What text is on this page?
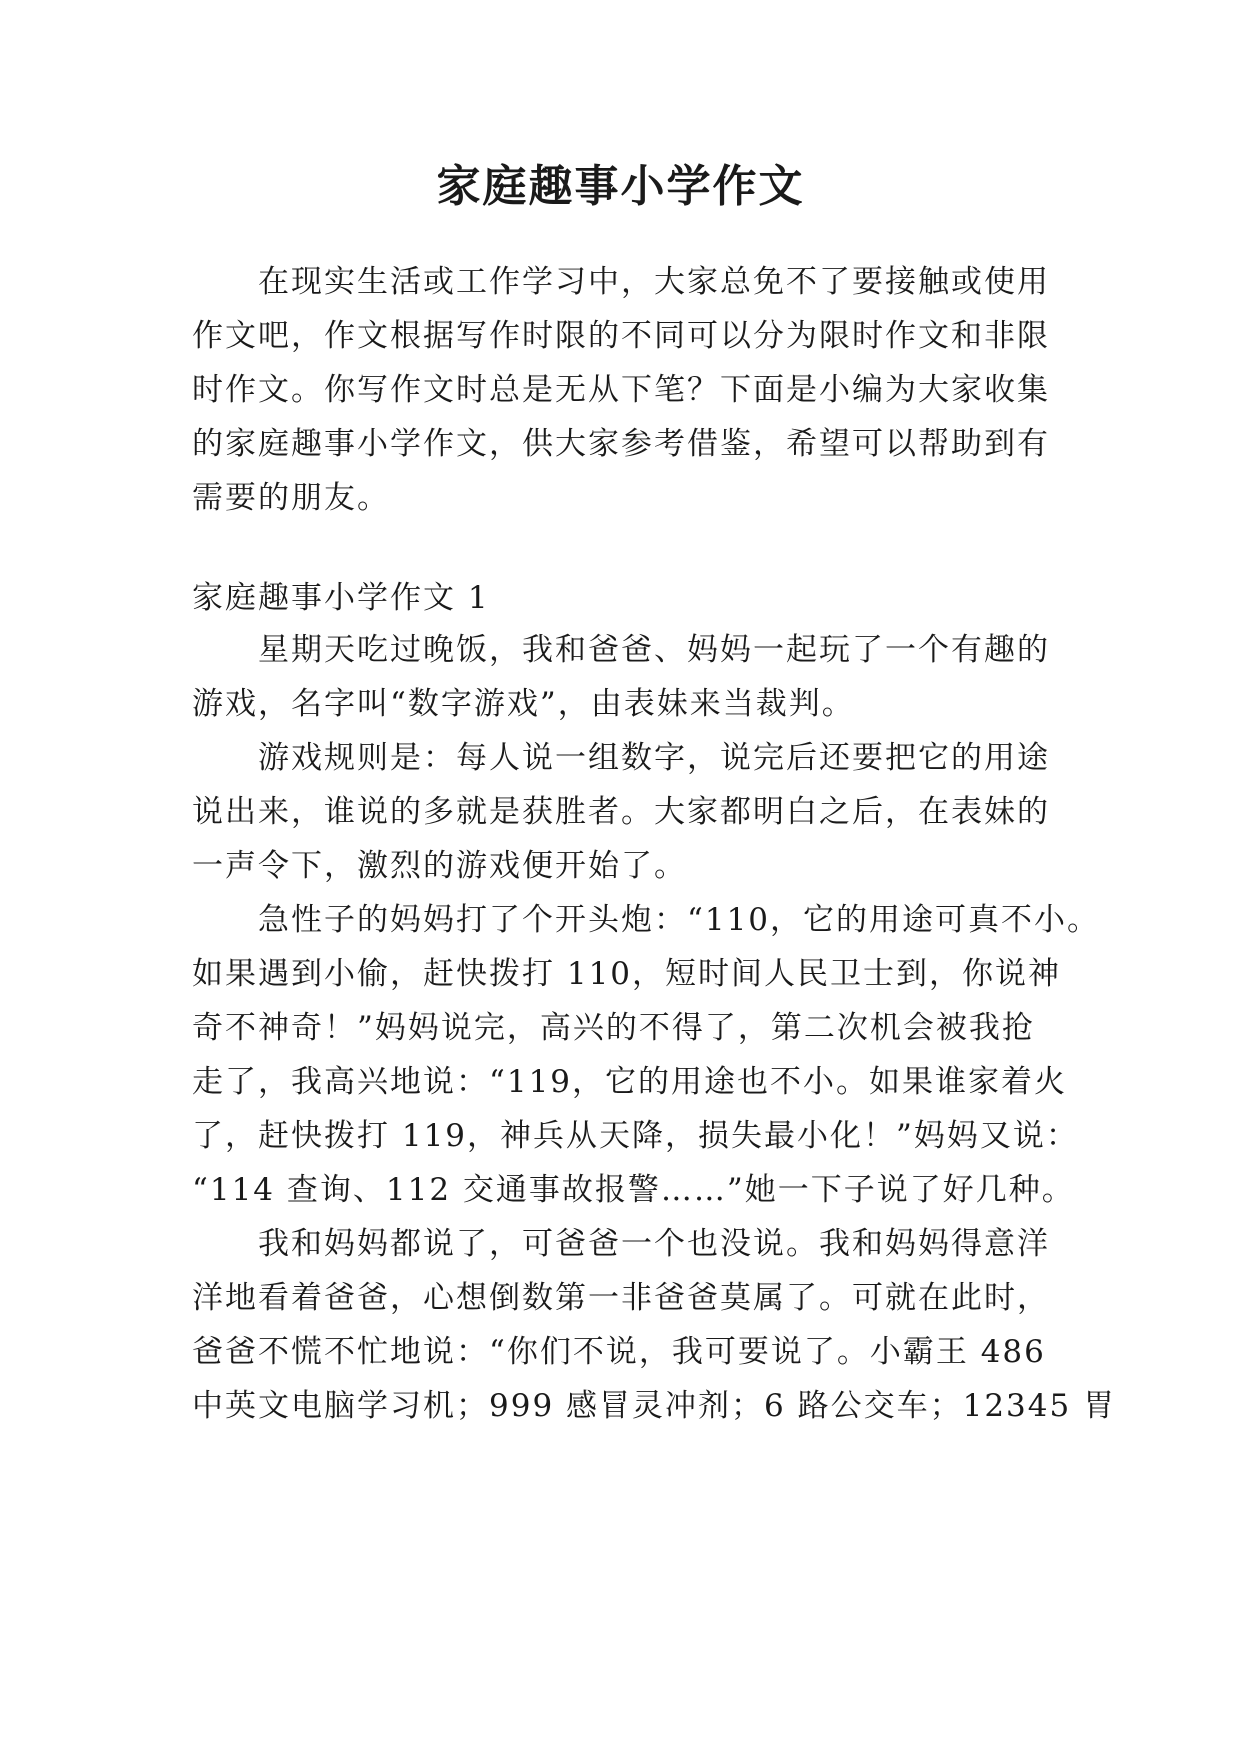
家庭趣事小学作文
在现实生活或工作学习中，大家总免不了要接触或使用
作文吧，作文根据写作时限的不同可以分为限时作文和非限
时作文。你写作文时总是无从下笔？下面是小编为大家收集
的家庭趣事小学作文，供大家参考借鉴，希望可以帮助到有
需要的朋友。
家庭趣事小学作文 1
星期天吃过晚饭，我和爸爸、妈妈一起玩了一个有趣的
游戏，名字叫“数字游戏”，由表妹来当裁判。
游戏规则是：每人说一组数字，说完后还要把它的用途
说出来，谁说的多就是获胜者。大家都明白之后，在表妹的
一声令下，激烈的游戏便开始了。
急性子的妈妈打了个开头炮：“110，它的用途可真不小。
如果遇到小偷，赶快拨打 110，短时间人民卫士到，你说神
奇不神奇！”妈妈说完，高兴的不得了，第二次机会被我抢
走了，我高兴地说：“119，它的用途也不小。如果谁家着火
了，赶快拨打 119，神兵从天降，损失最小化！”妈妈又说：
“114 查询、112 交通事故报警……”她一下子说了好几种。
我和妈妈都说了，可爸爸一个也没说。我和妈妈得意洋
洋地看着爸爸，心想倒数第一非爸爸莫属了。可就在此时，
爸爸不慌不忙地说：“你们不说，我可要说了。小霸王 486
中英文电脑学习机；999 感冒灵冲剂；6 路公交车；12345 胃
